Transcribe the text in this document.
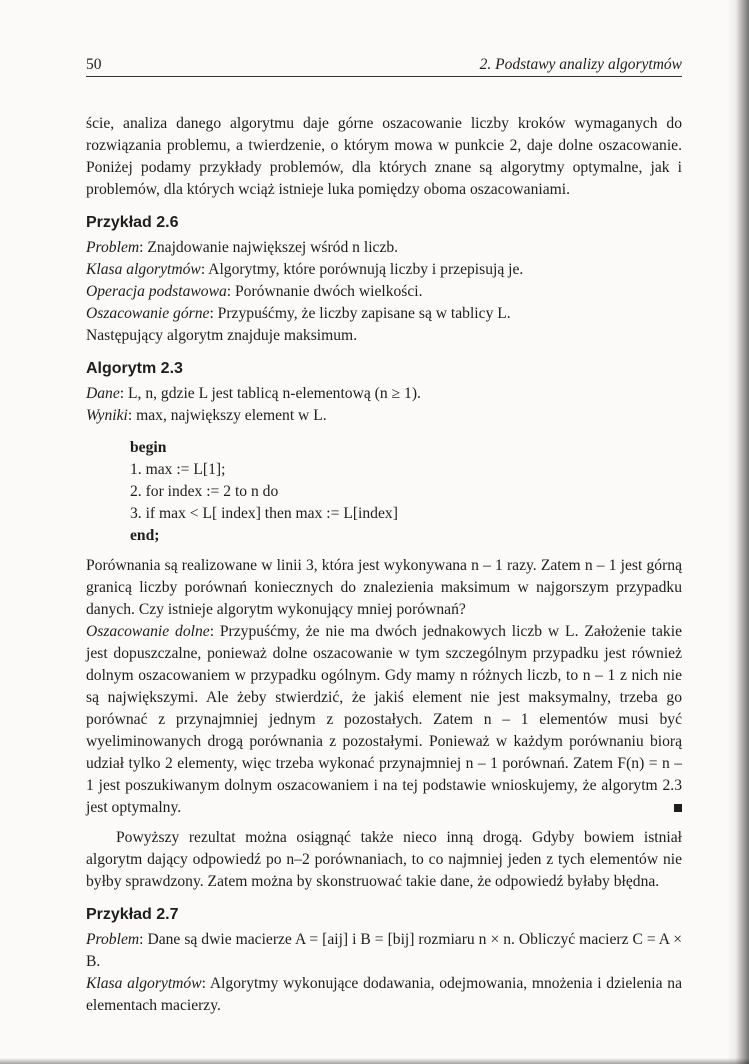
50	2. Podstawy analizy algorytmów

ście, analiza danego algorytmu daje górne oszacowanie liczby kroków wymaganych do rozwiązania problemu, a twierdzenie, o którym mowa w punkcie 2, daje dolne oszacowanie. Poniżej podamy przykłady problemów, dla których znane są algorytmy optymalne, jak i problemów, dla których wciąż istnieje luka pomiędzy oboma oszacowaniami.

Przykład 2.6

Problem: Znajdowanie największej wśród n liczb.

Klasa algorytmów: Algorytmy, które porównują liczby i przepisują je.

Operacja podstawowa: Porównanie dwóch wielkości.

Oszacowanie górne: Przypuśćmy, że liczby zapisane są w tablicy L.

Następujący algorytm znajduje maksimum.

Algorytm 2.3

Dane: L, n, gdzie L jest tablicą n-elementową (n ≥ 1).

Wyniki: max, największy element w L.

begin
1. max := L[1];
2. for index := 2 to n do
3. if max < L[ index] then max := L[index]
end;

Porównania są realizowane w linii 3, która jest wykonywana n – 1 razy. Zatem n – 1 jest górną granicą liczby porównań koniecznych do znalezienia maksimum w najgorszym przypadku danych. Czy istnieje algorytm wykonujący mniej porównań?

Oszacowanie dolne: Przypuśćmy, że nie ma dwóch jednakowych liczb w L. Założenie takie jest dopuszczalne, ponieważ dolne oszacowanie w tym szczególnym przypadku jest również dolnym oszacowaniem w przypadku ogólnym. Gdy mamy n różnych liczb, to n – 1 z nich nie są największymi. Ale żeby stwierdzić, że jakiś element nie jest maksymalny, trzeba go porównać z przynajmniej jednym z pozostałych. Zatem n – 1 elementów musi być wyeliminowanych drogą porównania z pozostałymi. Ponieważ w każdym porównaniu biorą udział tylko 2 elementy, więc trzeba wykonać przynajmniej n – 1 porównań. Zatem F(n) = n – 1 jest poszukiwanym dolnym oszacowaniem i na tej podstawie wnioskujemy, że algorytm 2.3 jest optymalny.

Powyższy rezultat można osiągnąć także nieco inną drogą. Gdyby bowiem istniał algorytm dający odpowiedź po n–2 porównaniach, to co najmniej jeden z tych elementów nie byłby sprawdzony. Zatem można by skonstruować takie dane, że odpowiedź byłaby błędna.

Przykład 2.7

Problem: Dane są dwie macierze A = [aij] i B = [bij] rozmiaru n × n. Obliczyć macierz C = A × B.

Klasa algorytmów: Algorytmy wykonujące dodawania, odejmowania, mnożenia i dzielenia na elementach macierzy.
